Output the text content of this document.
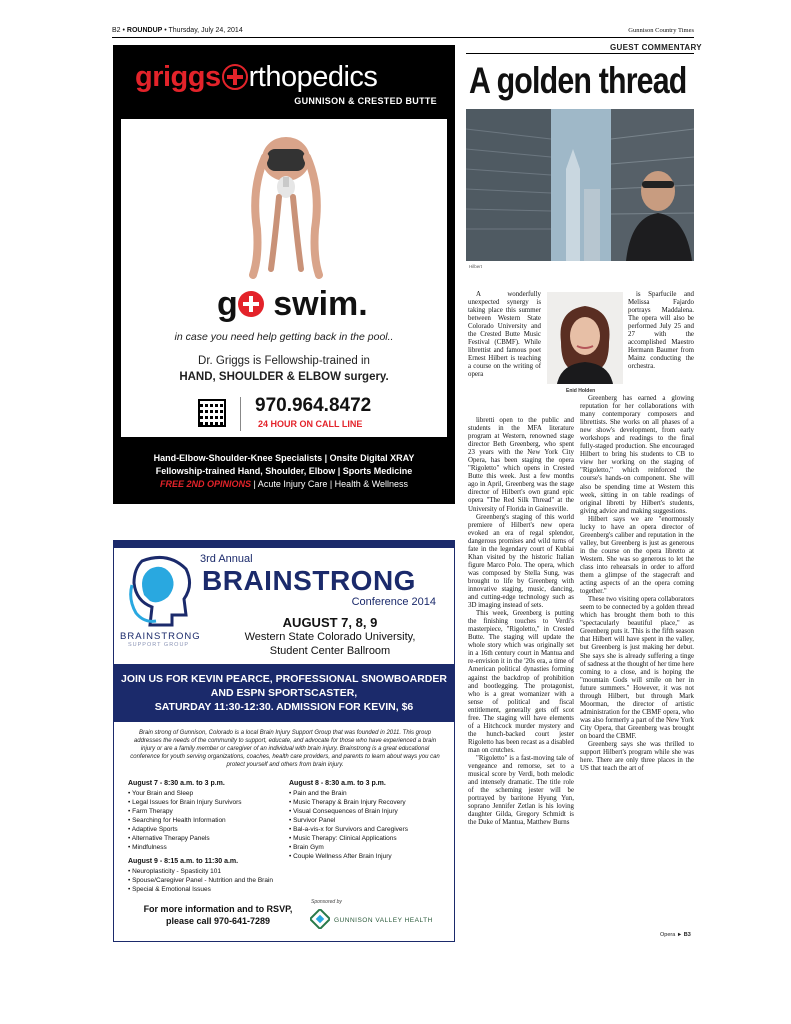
B2 • ROUNDUP • Thursday, July 24, 2014	Gunnison Country Times
griggs rthopedics
GUNNISON & CRESTED BUTTE
g swim.
in case you need help getting back in the pool..
Dr. Griggs is Fellowship-trained in
HAND, SHOULDER & ELBOW surgery.
970.964.8472
24 HOUR ON CALL LINE
Hand-Elbow-Shoulder-Knee Specialists | Onsite Digital XRAY
Fellowship-trained Hand, Shoulder, Elbow | Sports Medicine
FREE 2ND OPINIONS | Acute Injury Care | Health & Wellness
3rd Annual
BRAINSTRONG
Conference 2014
BRAINSTRONG
SUPPORT GROUP
AUGUST 7, 8, 9
Western State Colorado University,
Student Center Ballroom
JOIN US FOR KEVIN PEARCE, PROFESSIONAL SNOWBOARDER
AND ESPN SPORTSCASTER,
SATURDAY 11:30-12:30. ADMISSION FOR KEVIN, $6
Brain strong of Gunnison, Colorado is a local Brain Injury Support Group that was founded in 2011. This group addresses the needs of the community to support, educate, and advocate for those who have experienced a brain injury or are a family member or caregiver of an individual with brain injury. Brainstrong is a great educational conference for youth serving organizations, coaches, health care providers, and parents to learn about ways you can protect yourself and others from brain injury.
August 7 - 8:30 a.m. to 3 p.m.
• Your Brain and Sleep
• Legal Issues for Brain Injury Survivors
• Farm Therapy
• Searching for Health Information
• Adaptive Sports
• Alternative Therapy Panels
• Mindfulness
August 8 - 8:30 a.m. to 3 p.m.
• Pain and the Brain
• Music Therapy & Brain Injury Recovery
• Visual Consequences of Brain Injury
• Survivor Panel
• Bal-a-vis-x for Survivors and Caregivers
• Music Therapy: Clinical Applications
• Brain Gym
• Couple Wellness After Brain Injury
August 9 - 8:15 a.m. to 11:30 a.m.
• Neuroplasticity - Spasticity 101
• Spouse/Caregiver Panel - Nutrition and the Brain
• Special & Emotional Issues
For more information and to RSVP,
please call 970-641-7289
Sponsored by
GUNNISON VALLEY HEALTH
GUEST COMMENTARY
A golden thread
Hilbert

A wonderfully unexpected synergy is taking place this summer between Western State Colorado University and the Crested Butte Music Festival (CBMF). While librettist and famous poet Ernest Hilbert is teaching a course on the writing of opera

Enid Holden

is Sparfucile and Melissa Fajardo portrays Maddalena. The opera will also be performed July 25 and 27 with the accomplished Maestro Hermann Baumer from Mainz conducting the orchestra.

libretti open to the public and students in the MFA literature program at Western, renowned stage director Beth Greenberg, who spent 23 years with the New York City Opera, has been staging the opera "Rigoletto" which opens in Crested Butte this week. Just a few months ago in April, Greenberg was the stage director of Hilbert's own grand epic opera "The Red Silk Thread" at the University of Florida in Gainesville.

Greenberg's staging of this world premiere of Hilbert's new opera evoked an era of regal splendor, dangerous promises and wild turns of fate in the legendary court of Kublai Khan visited by the historic Italian figure Marco Polo. The opera, which was composed by Stella Sung, was brought to life by Greenberg with innovative staging, music, dancing, and cutting-edge technology such as 3D imaging instead of sets.

This week, Greenberg is putting the finishing touches to Verdi's masterpiece, "Rigoletto," in Crested Butte. The staging will update the whole story which was originally set in a 16th century court in Mantua and re-envision it in the '20s era, a time of American political dynasties forming against the backdrop of prohibition and bootlegging. The protagonist, who is a great womanizer with a sense of political and fiscal entitlement, generally gets off scot free. The staging will have elements of a Hitchcock murder mystery and the hunch-backed court jester Rigoletto has been recast as a disabled man on crutches.

"Rigoletto" is a fast-moving tale of vengeance and remorse, set to a musical score by Verdi, both melodic and intensely dramatic. The title role of the scheming jester will be portrayed by baritone Hyung Yun, soprano Jennifer Zetlan is his loving daughter Gilda, Gregory Schmidt is the Duke of Mantua, Matthew Burns

Greenberg has earned a glowing reputation for her collaborations with many contemporary composers and librettists. She works on all phases of a new show's development, from early workshops and readings to the final fully-staged production. She encouraged Hilbert to bring his students to CB to view her working on the staging of "Rigoletto," which reinforced the course's hands-on component. She will also be spending time at Western this week, sitting in on table readings of original libretti by Hilbert's students, giving advice and making suggestions.

Hilbert says we are "enormously lucky to have an opera director of Greenberg's caliber and reputation in the valley, but Greenberg is just as generous in the course on the opera libretto at Western. She was so generous to let the class into rehearsals in order to afford them a glimpse of the stagecraft and acting aspects of an the opera coming together."

These two visiting opera collaborators seem to be connected by a golden thread which has brought them both to this "spectacularly beautiful place," as Greenberg puts it. This is the fifth season that Hilbert will have spent in the valley, but Greenberg is just making her debut. She says she is already suffering a tinge of sadness at the thought of her time here coming to a close, and is hoping the "mountain Gods will smile on her in future summers." However, it was not through Hilbert, but through Mark Moorman, the director of artistic administration for the CBMF opera, who was also formerly a part of the New York City Opera, that Greenberg was brought on board the CBMF.

Greenberg says she was thrilled to support Hilbert's program while she was here. There are only three places in the US that teach the art of

Opera ► B3
